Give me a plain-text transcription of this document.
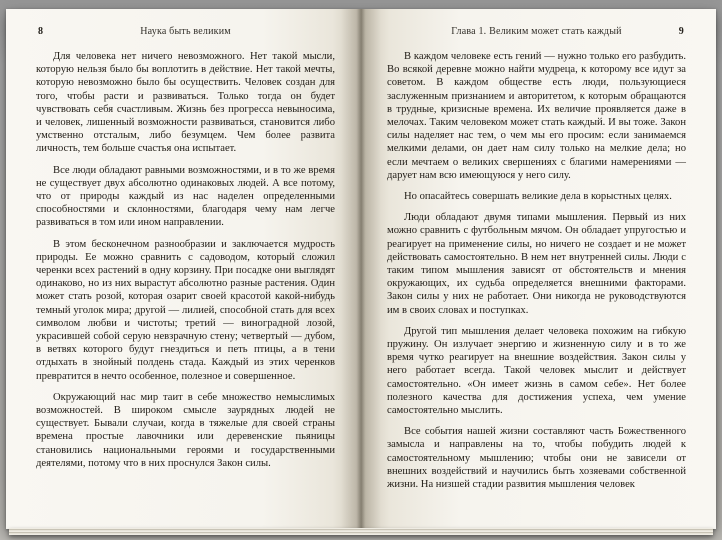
8	Наука быть великим

Для человека нет ничего невозможного. Нет такой мысли, которую нельзя было бы воплотить в действие. Нет такой мечты, которую невозможно было бы осуществить. Человек создан для того, чтобы расти и развиваться. Только тогда он будет чувствовать себя счастливым. Жизнь без прогресса невыносима, и человек, лишенный возможности развиваться, становится либо умственно отсталым, либо безумцем. Чем более развита личность, тем больше счастья она испытает.

Все люди обладают равными возможностями, и в то же время не существует двух абсолютно одинаковых людей. А все потому, что от природы каждый из нас наделен определенными способностями и склонностями, благодаря чему нам легче развиваться в том или ином направлении.

В этом бесконечном разнообразии и заключается мудрость природы. Ее можно сравнить с садоводом, который сложил черенки всех растений в одну корзину. При посадке они выглядят одинаково, но из них вырастут абсолютно разные растения. Один может стать розой, которая озарит своей красотой какой-нибудь темный уголок мира; другой — лилией, способной стать для всех символом любви и чистоты; третий — виноградной лозой, украсившей собой серую невзрачную стену; четвертый — дубом, в ветвях которого будут гнездиться и петь птицы, а в тени отдыхать в знойный полдень стада. Каждый из этих черенков превратится в нечто особенное, полезное и совершенное.

Окружающий нас мир таит в себе множество немыслимых возможностей. В широком смысле заурядных людей не существует. Бывали случаи, когда в тяжелые для своей страны времена простые лавочники или деревенские пьяницы становились национальными героями и государственными деятелями, потому что в них проснулся Закон силы.

Глава 1. Великим может стать каждый	9

В каждом человеке есть гений — нужно только его разбудить. Во всякой деревне можно найти мудреца, к которому все идут за советом. В каждом обществе есть люди, пользующиеся заслуженным признанием и авторитетом, к которым обращаются в трудные, кризисные времена. Их величие проявляется даже в мелочах. Таким человеком может стать каждый. И вы тоже. Закон силы наделяет нас тем, о чем мы его просим: если занимаемся мелкими делами, он дает нам силу только на мелкие дела; но если мечтаем о великих свершениях с благими намерениями — дарует нам всю имеющуюся у него силу.

Но опасайтесь совершать великие дела в корыстных целях.

Люди обладают двумя типами мышления. Первый из них можно сравнить с футбольным мячом. Он обладает упругостью и реагирует на применение силы, но ничего не создает и не может действовать самостоятельно. В нем нет внутренней силы. Люди с таким типом мышления зависят от обстоятельств и мнения окружающих, их судьба определяется внешними факторами. Закон силы у них не работает. Они никогда не руководствуются им в своих словах и поступках.

Другой тип мышления делает человека похожим на гибкую пружину. Он излучает энергию и жизненную силу и в то же время чутко реагирует на внешние воздействия. Закон силы у него работает всегда. Такой человек мыслит и действует самостоятельно. «Он имеет жизнь в самом себе». Нет более полезного качества для достижения успеха, чем умение самостоятельно мыслить.

Все события нашей жизни составляют часть Божественного замысла и направлены на то, чтобы побудить людей к самостоятельному мышлению; чтобы они не зависели от внешних воздействий и научились быть хозяевами собственной жизни. На низшей стадии развития мышления человек
